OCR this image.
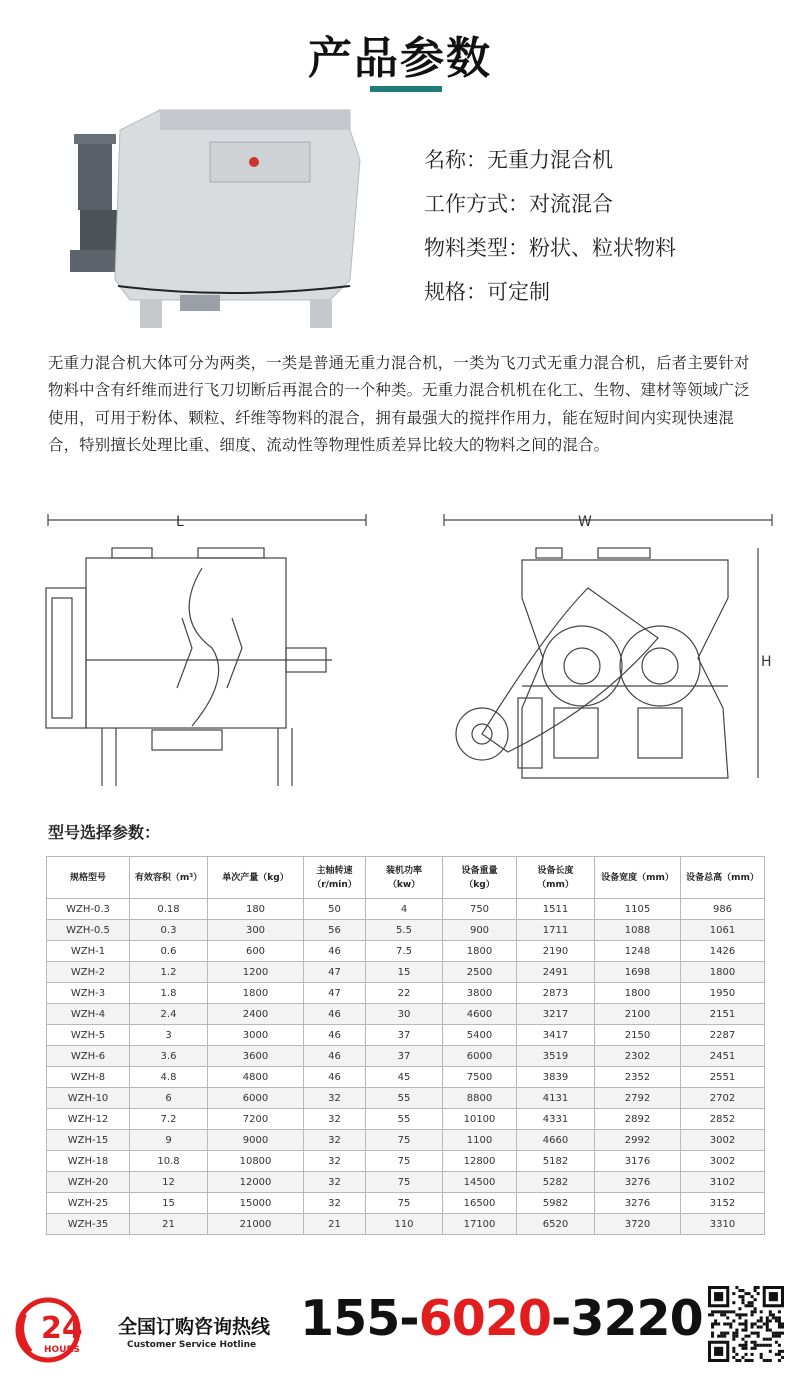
产品参数
名称：无重力混合机
工作方式：对流混合
物料类型：粉状、粒状物料
规格：可定制
无重力混合机大体可分为两类，一类是普通无重力混合机，一类为飞刀式无重力混合机，后者主要针对物料中含有纤维而进行飞刀切断后再混合的一个种类。无重力混合机机在化工、生物、建材等领域广泛使用，可用于粉体、颗粒、纤维等物料的混合，拥有最强大的搅拌作用力，能在短时间内实现快速混合，特别擅长处理比重、细度、流动性等物理性质差异比较大的物料之间的混合。
L	W
H
型号选择参数：
规格型号	有效容积（m³）	单次产量（kg）	主轴转速
（r/min）	装机功率
（kw）	设备重量
（kg）	设备长度
（mm）	设备宽度（mm）	设备总高（mm）
WZH-0.3	0.18	180	50	4	750	1511	1105	986
WZH-0.5	0.3	300	56	5.5	900	1711	1088	1061
WZH-1	0.6	600	46	7.5	1800	2190	1248	1426
WZH-2	1.2	1200	47	15	2500	2491	1698	1800
WZH-3	1.8	1800	47	22	3800	2873	1800	1950
WZH-4	2.4	2400	46	30	4600	3217	2100	2151
WZH-5	3	3000	46	37	5400	3417	2150	2287
WZH-6	3.6	3600	46	37	6000	3519	2302	2451
WZH-8	4.8	4800	46	45	7500	3839	2352	2551
WZH-10	6	6000	32	55	8800	4131	2792	2702
WZH-12	7.2	7200	32	55	10100	4331	2892	2852
WZH-15	9	9000	32	75	1100	4660	2992	3002
WZH-18	10.8	10800	32	75	12800	5182	3176	3002
WZH-20	12	12000	32	75	14500	5282	3276	3102
WZH-25	15	15000	32	75	16500	5982	3276	3152
WZH-35	21	21000	21	110	17100	6520	3720	3310
24
HOURS
全国订购咨询热线
Customer Service Hotline 155-6020-3220
